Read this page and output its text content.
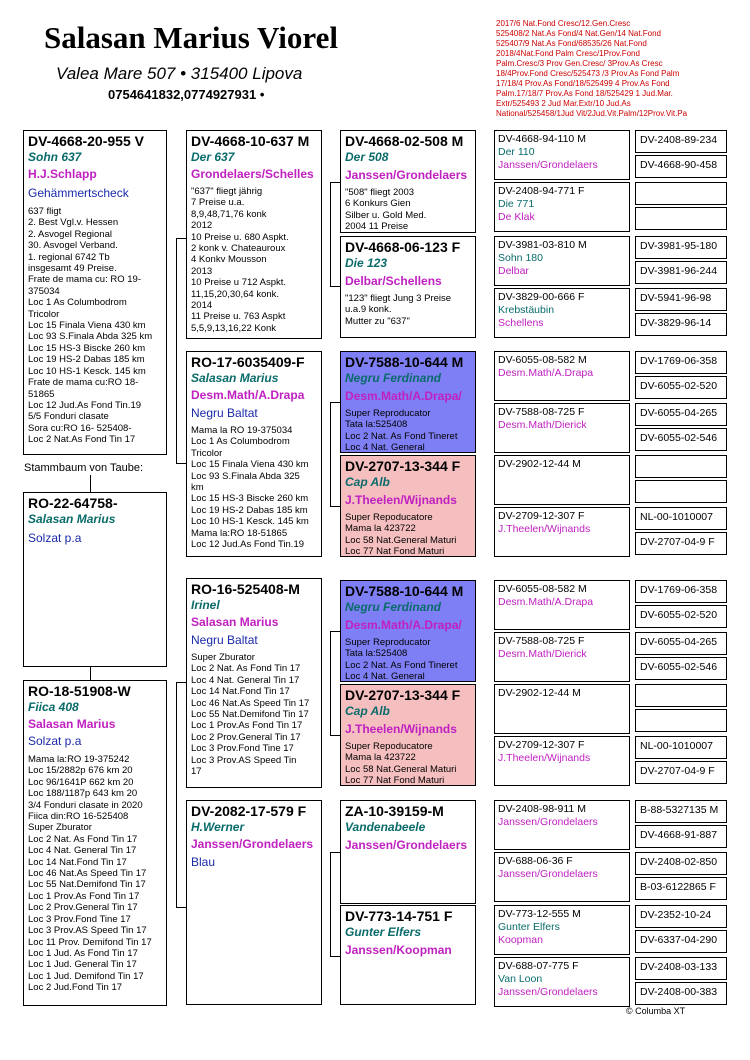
Salasan Marius Viorel
Valea Mare 507 • 315400 Lipova
0754641832,0774927931 •
2017/6 Nat.Fond Cresc/12.Gen.Cresc
525408/2 Nat.As Fond/4 Nat.Gen/14 Nat.Fond
525407/9 Nat.As Fond/68535/26 Nat.Fond
2018/4Nat.Fond Palm Cresc/1Prov.Fond
Palm.Cresc/3 Prov Gen.Cresc/ 3Prov.As Cresc
18/4Prov.Fond Cresc/525473 /3 Prov.As Fond Palm
17/18/4 Prov.As Fond/18/525499 4 Prov.As Fond
Palm.17/18/7 Prov.As Fond 18/525429 1 Jud.Mar.
Extr/525493 2 Jud Mar.Extr/10 Jud.As
National/525458/1Jud Vit/2Jud.Vit.Palm/12Prov.Vit.Pa
DV-4668-20-955 V
Sohn 637
H.J.Schlapp
Gehämmertscheck
637 fligt
2. Best Vgl.v. Hessen
2. Asvogel Regional
30. Asvogel Verband.
1. regional 6742 Tb
insgesamt 49 Preise.
Frate de mama cu: RO 19-
375034
Loc 1 As Columbodrom
Tricolor
Loc 15 Finala Viena 430 km
Loc 93 S.Finala Abda 325 km
Loc 15 HS-3 Biscke 260 km
Loc 19 HS-2 Dabas 185 km
Loc 10 HS-1 Kesck. 145 km
Frate de mama cu:RO 18-
51865
Loc 12 Jud.As Fond Tin.19
5/5 Fonduri clasate
Sora cu:RO 16- 525408-
Loc 2 Nat.As Fond Tin 17
Stammbaum von Taube:
RO-22-64758-
Salasan Marius
Solzat p.a
RO-18-51908-W
Fiica 408
Salasan Marius
Solzat p.a
Mama la:RO 19-375242
Loc 15/2882p 676 km 20
Loc 96/1641P 662 km 20
Loc 188/1187p 643 km 20
3/4 Fonduri clasate in 2020
Fiica din:RO 16-525408
Super Zburator
Loc 2 Nat. As Fond Tin 17
Loc 4 Nat. General Tin 17
Loc 14 Nat.Fond Tin 17
Loc 46 Nat.As Speed Tin 17
Loc 55 Nat.Demifond Tin 17
Loc 1 Prov.As Fond Tin 17
Loc 2 Prov.General Tin 17
Loc 3 Prov.Fond Tine 17
Loc 3 Prov.AS Speed Tin 17
Loc 11 Prov. Demifond Tin 17
Loc 1 Jud. As Fond Tin 17
Loc 1 Jud. General Tin 17
Loc 1 Jud. Demifond Tin 17
Loc 2 Jud.Fond Tin 17
DV-4668-10-637 M
Der 637
Grondelaers/Schelles
"637" fliegt jährig
7 Preise u.a.
8,9,48,71,76 konk
2012
10 Preise u. 680 Aspkt.
2 konk v. Chateauroux
4 Konkv Mousson
2013
10 Preise u 712 Aspkt.
11,15,20,30,64 konk.
2014
11 Preise u. 763 Aspkt
5,5,9,13,16,22 Konk
RO-17-6035409-F
Salasan Marius
Desm.Math/A.Drapa
Negru Baltat
Mama la RO 19-375034
Loc 1 As Columbodrom
Tricolor
Loc 15 Finala Viena 430 km
Loc 93 S.Finala Abda 325
km
Loc 15 HS-3 Biscke 260 km
Loc 19 HS-2 Dabas 185 km
Loc 10 HS-1 Kesck. 145 km
Mama la:RO 18-51865
Loc 12 Jud.As Fond Tin.19
RO-16-525408-M
Irinel
Salasan Marius
Negru Baltat
Super Zburator
Loc 2 Nat. As Fond Tin 17
Loc 4 Nat. General Tin 17
Loc 14 Nat.Fond Tin 17
Loc 46 Nat.As Speed Tin 17
Loc 55 Nat.Demifond Tin 17
Loc 1 Prov.As Fond Tin 17
Loc 2 Prov.General Tin 17
Loc 3 Prov.Fond Tine 17
Loc 3 Prov.AS Speed Tin
17
DV-2082-17-579 F
H.Werner
Janssen/Grondelaers
Blau
DV-4668-02-508 M
Der 508
Janssen/Grondelaers
"508" fliegt 2003
6 Konkurs Gien
Silber u. Gold Med.
2004 11 Preise
DV-4668-06-123 F
Die 123
Delbar/Schellens
"123" fliegt Jung 3 Preise
u.a.9 konk.
Mutter zu "637"
DV-7588-10-644 M
Negru Ferdinand
Desm.Math/A.Drapa/
Super Reproducator
Tata la:525408
Loc 2 Nat. As Fond Tineret
Loc 4 Nat. General
DV-2707-13-344 F
Cap Alb
J.Theelen/Wijnands
Super Repoducatore
Mama la 423722
Loc 58 Nat.General Maturi
Loc 77 Nat Fond Maturi
DV-7588-10-644 M
Negru Ferdinand
Desm.Math/A.Drapa/
Super Reproducator
Tata la:525408
Loc 2 Nat. As Fond Tineret
Loc 4 Nat. General
DV-2707-13-344 F
Cap Alb
J.Theelen/Wijnands
Super Repoducatore
Mama la 423722
Loc 58 Nat.General Maturi
Loc 77 Nat Fond Maturi
ZA-10-39159-M
Vandenabeele
Janssen/Grondelaers
DV-773-14-751 F
Gunter Elfers
Janssen/Koopman
DV-4668-94-110 M
Der 110
Janssen/Grondelaers
DV-2408-94-771 F
Die 771
De Klak
DV-3981-03-810 M
Sohn 180
Delbar
DV-3829-00-666 F
Krebstäubin
Schellens
DV-6055-08-582 M
Desm.Math/A.Drapa
DV-7588-08-725 F
Desm.Math/Dierick
DV-2902-12-44 M
DV-2709-12-307 F
J.Theelen/Wijnands
DV-6055-08-582 M
Desm.Math/A.Drapa
DV-7588-08-725 F
Desm.Math/Dierick
DV-2902-12-44 M
DV-2709-12-307 F
J.Theelen/Wijnands
DV-2408-98-911 M
Janssen/Grondelaers
DV-688-06-36 F
Janssen/Grondelaers
DV-773-12-555 M
Gunter Elfers
Koopman
DV-688-07-775 F
Van Loon
Janssen/Grondelaers
DV-2408-89-234
DV-4668-90-458
DV-3981-95-180
DV-3981-96-244
DV-5941-96-98
DV-3829-96-14
DV-1769-06-358
DV-6055-02-520
DV-6055-04-265
DV-6055-02-546
NL-00-1010007
DV-2707-04-9 F
DV-1769-06-358
DV-6055-02-520
DV-6055-04-265
DV-6055-02-546
NL-00-1010007
DV-2707-04-9 F
B-88-5327135 M
DV-4668-91-887
DV-2408-02-850
B-03-6122865 F
DV-2352-10-24
DV-6337-04-290
DV-2408-03-133
DV-2408-00-383
© Columba XT
